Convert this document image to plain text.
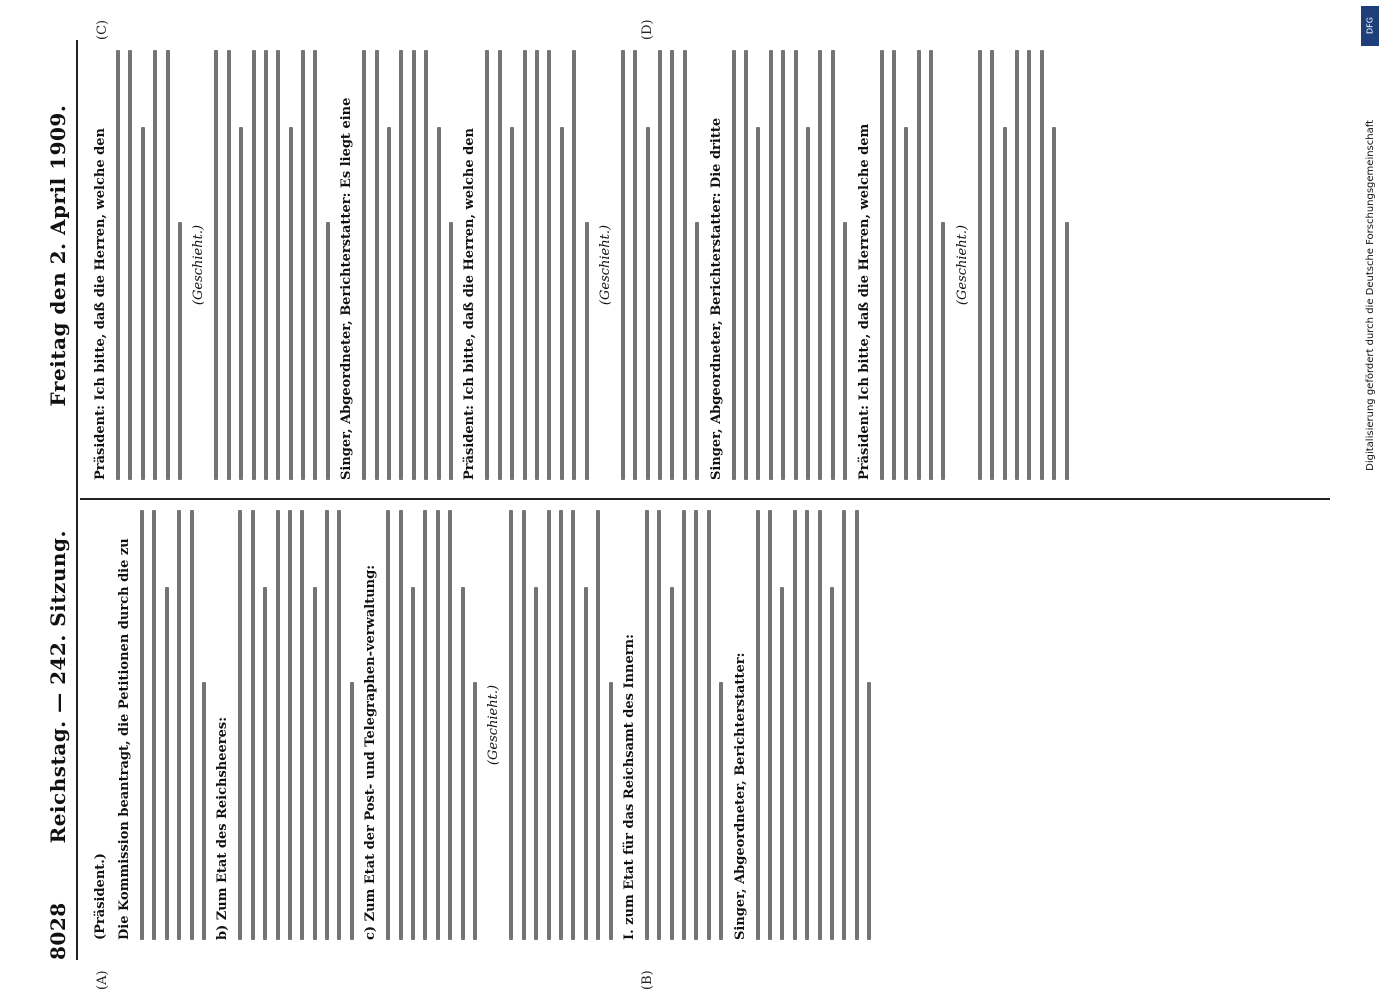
8028
Reichstag. — 242. Sitzung.
Freitag den 2. April 1909.
(A)	(B)
(C)	(D)
(Präsident.) Die Kommission beantragt, die Petitionen durch die zu	b) Zum Etat des Reichsheeres:	c) Zum Etat der Post- und Telegraphen-verwaltung:	(Geschieht.)	I. zum Etat für das Reichsamt des Innern:	Singer, Abgeordneter, Berichterstatter:
Präsident: Ich bitte, daß die Herren, welche den	(Geschieht.)	Singer, Abgeordneter, Berichterstatter: Es liegt eine	Präsident: Ich bitte, daß die Herren, welche den	(Geschieht.)	Singer, Abgeordneter, Berichterstatter: Die dritte	Präsident: Ich bitte, daß die Herren, welche dem	(Geschieht.)	Digitalisierung gefördert durch die Deutsche Forschungsgemeinschaft
DFG
